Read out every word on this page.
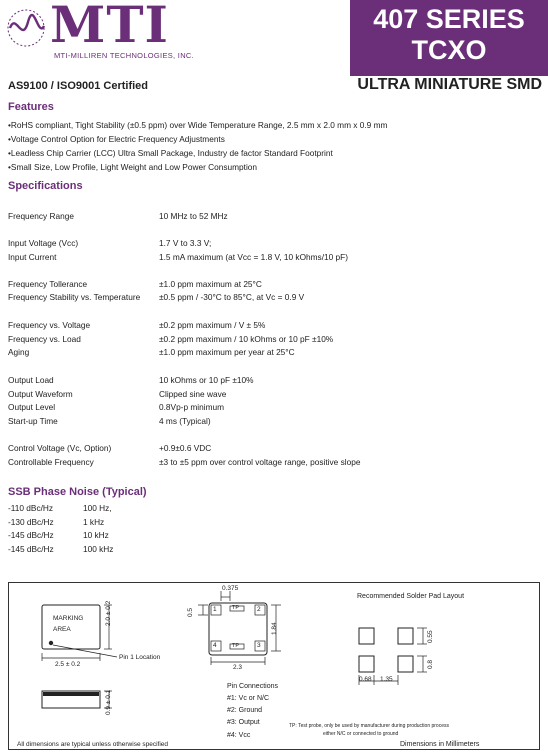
MTI
MTI-MILLIREN TECHNOLOGIES, INC.
407 SERIES
TCXO
AS9100 / ISO9001 Certified	ULTRA MINIATURE SMD
Features
• RoHS compliant, Tight Stability (±0.5 ppm) over Wide Temperature Range, 2.5 mm x 2.0 mm x 0.9 mm
• Voltage Control Option for Electric Frequency Adjustments
• Leadless Chip Carrier (LCC) Ultra Small Package, Industry de factor Standard Footprint
• Small Size, Low Profile, Light Weight and Low Power Consumption
Specifications
Frequency Range	10 MHz to 52 MHz
Input Voltage (Vcc)	1.7 V to 3.3 V;
Input Current	1.5 mA maximum (at Vcc = 1.8 V, 10 kOhms/10 pF)
Frequency Tollerance	±1.0 ppm maximum at 25°C
Frequency Stability vs. Temperature ±0.5 ppm / -30°C to 85°C, at Vc = 0.9 V
Frequency vs. Voltage	±0.2 ppm maximum / V ± 5%
Frequency vs. Load	±0.2 ppm maximum / 10 kOhms or 10 pF ±10%
Aging	±1.0 ppm maximum per year at 25°C
Output Load	10 kOhms or 10 pF ±10%
Output Waveform	Clipped sine wave
Output Level	0.8Vp-p minimum
Start-up Time	4 ms (Typical)
Control Voltage (Vc, Option)	+0.9±0.6 VDC
Controllable Frequency	±3 to ±5 ppm over control voltage range, positive slope
SSB Phase Noise (Typical)
-110 dBc/Hz	100 Hz,
-130 dBc/Hz	1 kHz
-145 dBc/Hz	10 kHz
-145 dBc/Hz	100 kHz
MARKING
AREA
2.5 ± 0.2
2.0 ± 0.2
Pin 1 Location
0.9 ± 0.1
0.375
0.5
1.84
2.3
1	2
3
4
TP
TP
Recommended Solder Pad Layout
0.55
0.8
0.68 1.35
Pin Connections
#1: Vc or N/C
#2: Ground
#3: Output
#4: Vcc
TP: Test probe, only be used by manufacturer during production process
either N/C or connected to ground
All dimensions are typical unless otherwise specified	Dimensions in Millimeters
